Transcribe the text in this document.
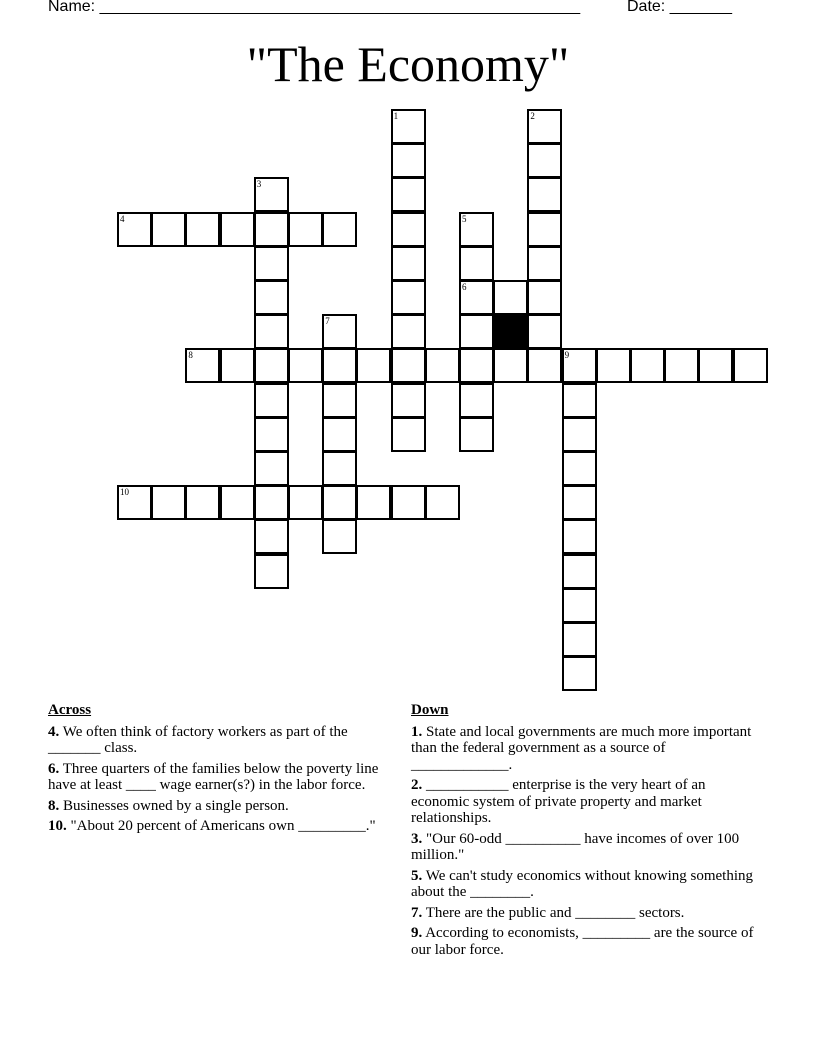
Name: ______________________________________________________	Date: _______
"The Economy"
1	2
3
5
6
7
9
4
8
10
Across
4. We often think of factory workers as part of the _______ class.
6. Three quarters of the families below the poverty line have at least ____ wage earner(s?) in the labor force.
8. Businesses owned by a single person.
10. "About 20 percent of Americans own _________."
Down
1. State and local governments are much more important than the federal government as a source of _____________.
2. ___________ enterprise is the very heart of an economic system of private property and market relationships.
3. "Our 60-odd __________ have incomes of over 100 million."
5. We can't study economics without knowing something about the ________.
7. There are the public and ________ sectors.
9. According to economists, _________ are the source of our labor force.
